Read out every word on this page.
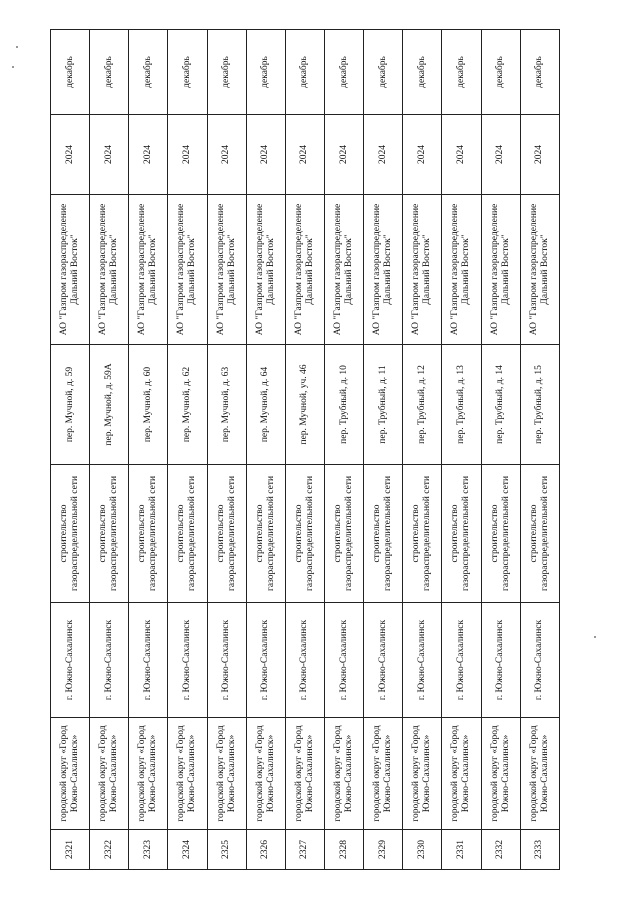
2321	городской округ «Город Южно-Сахалинск»	г. Южно-Сахалинск	строительство газораспределительной сети	пер. Мучной, д. 59	АО "Газпром газораспределение Дальний Восток"	2024	декабрь
2322	городской округ «Город Южно-Сахалинск»	г. Южно-Сахалинск	строительство газораспределительной сети	пер. Мучной, д. 59А	АО "Газпром газораспределение Дальний Восток"	2024	декабрь
2323	городской округ «Город Южно-Сахалинск»	г. Южно-Сахалинск	строительство газораспределительной сети	пер. Мучной, д. 60	АО "Газпром газораспределение Дальний Восток"	2024	декабрь
2324	городской округ «Город Южно-Сахалинск»	г. Южно-Сахалинск	строительство газораспределительной сети	пер. Мучной, д. 62	АО "Газпром газораспределение Дальний Восток"	2024	декабрь
2325	городской округ «Город Южно-Сахалинск»	г. Южно-Сахалинск	строительство газораспределительной сети	пер. Мучной, д. 63	АО "Газпром газораспределение Дальний Восток"	2024	декабрь
2326	городской округ «Город Южно-Сахалинск»	г. Южно-Сахалинск	строительство газораспределительной сети	пер. Мучной, д. 64	АО "Газпром газораспределение Дальний Восток"	2024	декабрь
2327	городской округ «Город Южно-Сахалинск»	г. Южно-Сахалинск	строительство газораспределительной сети	пер. Мучной, уч. 46	АО "Газпром газораспределение Дальний Восток"	2024	декабрь
2328	городской округ «Город Южно-Сахалинск»	г. Южно-Сахалинск	строительство газораспределительной сети	пер. Трубный, д. 10	АО "Газпром газораспределение Дальний Восток"	2024	декабрь
2329	городской округ «Город Южно-Сахалинск»	г. Южно-Сахалинск	строительство газораспределительной сети	пер. Трубный, д. 11	АО "Газпром газораспределение Дальний Восток"	2024	декабрь
2330	городской округ «Город Южно-Сахалинск»	г. Южно-Сахалинск	строительство газораспределительной сети	пер. Трубный, д. 12	АО "Газпром газораспределение Дальний Восток"	2024	декабрь
2331	городской округ «Город Южно-Сахалинск»	г. Южно-Сахалинск	строительство газораспределительной сети	пер. Трубный, д. 13	АО "Газпром газораспределение Дальний Восток"	2024	декабрь
2332	городской округ «Город Южно-Сахалинск»	г. Южно-Сахалинск	строительство газораспределительной сети	пер. Трубный, д. 14	АО "Газпром газораспределение Дальний Восток"	2024	декабрь
2333	городской округ «Город Южно-Сахалинск»	г. Южно-Сахалинск	строительство газораспределительной сети	пер. Трубный, д. 15	АО "Газпром газораспределение Дальний Восток"	2024	декабрь
